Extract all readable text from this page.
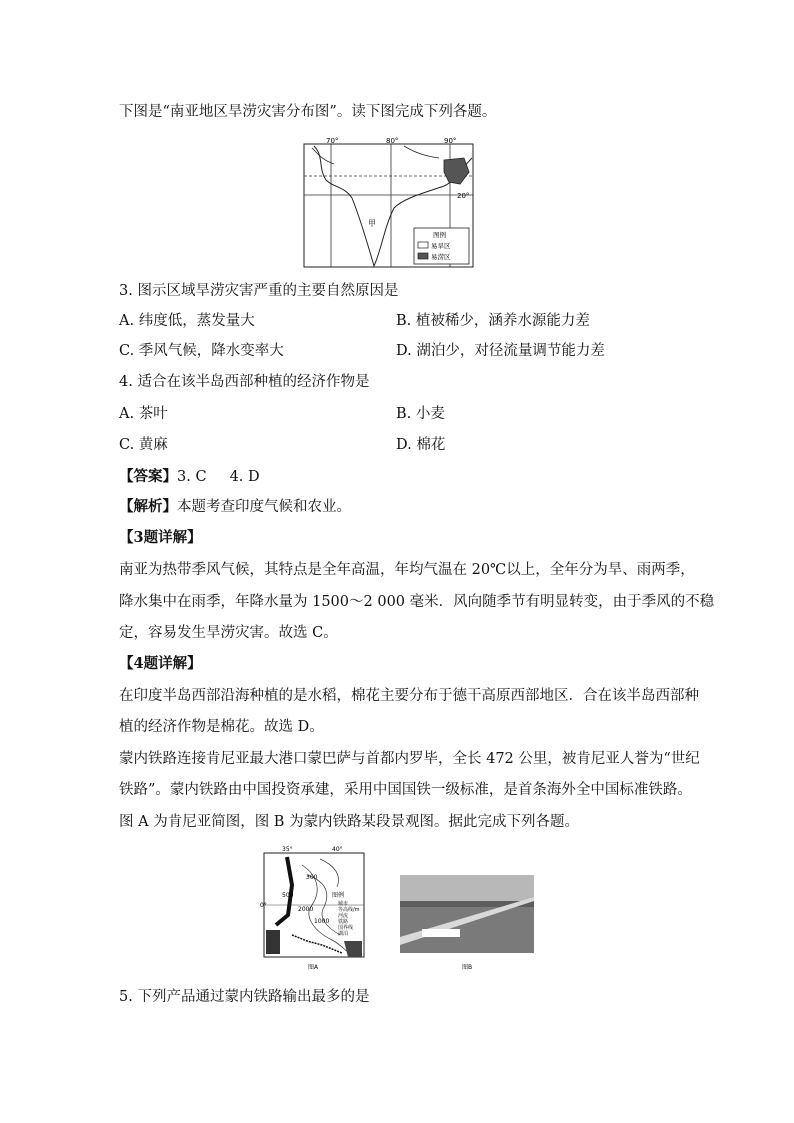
下图是“南亚地区旱涝灾害分布图”。读下图完成下列各题。
70°	80°	90°
20°
甲
图例
易旱区
易涝区
3. 图示区域旱涝灾害严重的主要自然原因是
A. 纬度低，蒸发量大	B. 植被稀少，涵养水源能力差
C. 季风气候，降水变率大	D. 湖泊少，对径流量调节能力差
4. 适合在该半岛西部种植的经济作物是
A. 茶叶	B. 小麦
C. 黄麻	D. 棉花
【答案】3. C     4. D
【解析】本题考查印度气候和农业。
【3题详解】
南亚为热带季风气候，其特点是全年高温，年均气温在 20℃以上，全年分为旱、雨两季，
降水集中在雨季，年降水量为 1500～2 000 毫米．风向随季节有明显转变，由于季风的不稳
定，容易发生旱涝灾害。故选 C。
【4题详解】
在印度半岛西部沿海种植的是水稻，棉花主要分布于德干高原西部地区．合在该半岛西部种
植的经济作物是棉花。故选 D。
蒙内铁路连接肯尼亚最大港口蒙巴萨与首都内罗毕，全长 472 公里，被肯尼亚人誉为“世纪
铁路”。蒙内铁路由中国投资承建，采用中国国铁一级标准，是首条海外全中国标准铁路。
图 A 为肯尼亚简图，图 B 为蒙内铁路某段景观图。据此完成下列各题。
35°	40°
0°
500
300
2000
1000
图例
城市
等高线/m
河流
铁路
国界线
湖泊
图A	图B
5. 下列产品通过蒙内铁路输出最多的是
